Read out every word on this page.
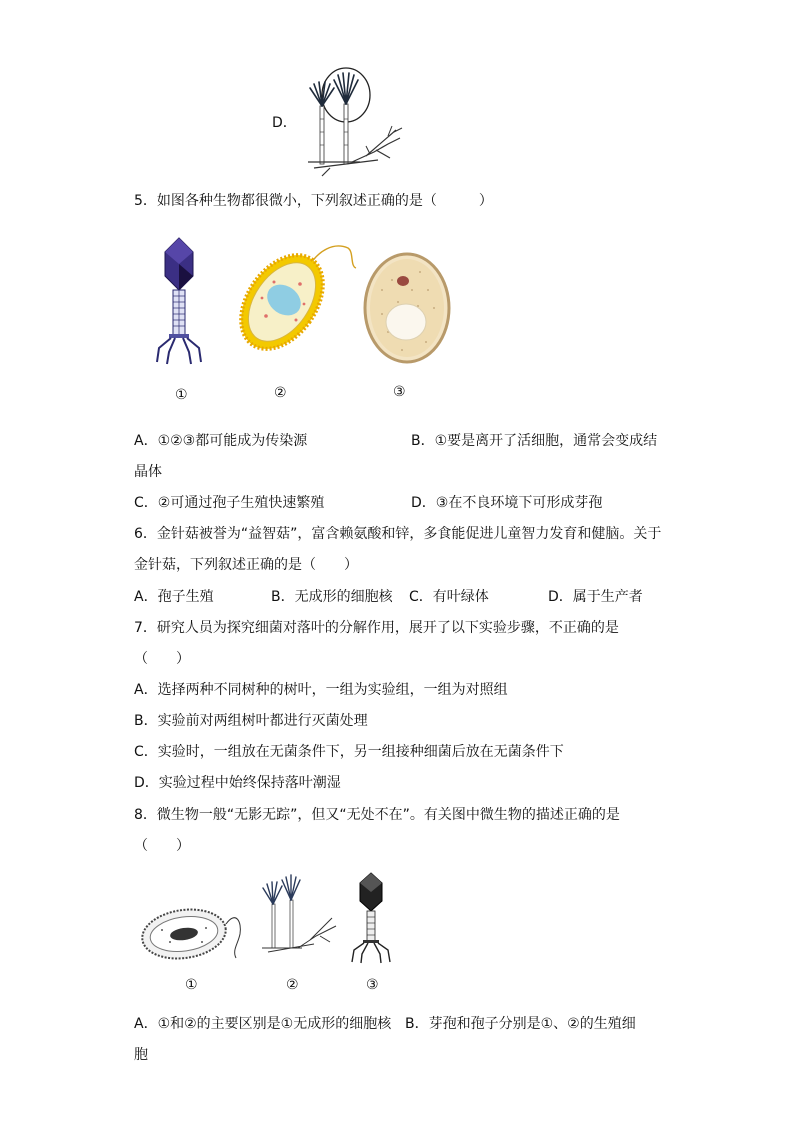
D．
5．如图各种生物都很微小，下列叙述正确的是（　　　）
①	②	③
A．①②③都可能成为传染源	B．①要是离开了活细胞，通常会变成结
晶体
C．②可通过孢子生殖快速繁殖	D．③在不良环境下可形成芽孢
6．金针菇被誉为“益智菇”，富含赖氨酸和锌，多食能促进儿童智力发育和健脑。关于
金针菇，下列叙述正确的是（　　）
A．孢子生殖	B．无成形的细胞核 C．有叶绿体	D．属于生产者
7．研究人员为探究细菌对落叶的分解作用，展开了以下实验步骤，不正确的是
（　　）
A．选择两种不同树种的树叶，一组为实验组，一组为对照组
B．实验前对两组树叶都进行灭菌处理
C．实验时，一组放在无菌条件下，另一组接种细菌后放在无菌条件下
D．实验过程中始终保持落叶潮湿
8．微生物一般“无影无踪”，但又“无处不在”。有关图中微生物的描述正确的是
（　　）
①	②	③
A．①和②的主要区别是①无成形的细胞核 B．芽孢和孢子分别是①、②的生殖细
胞
